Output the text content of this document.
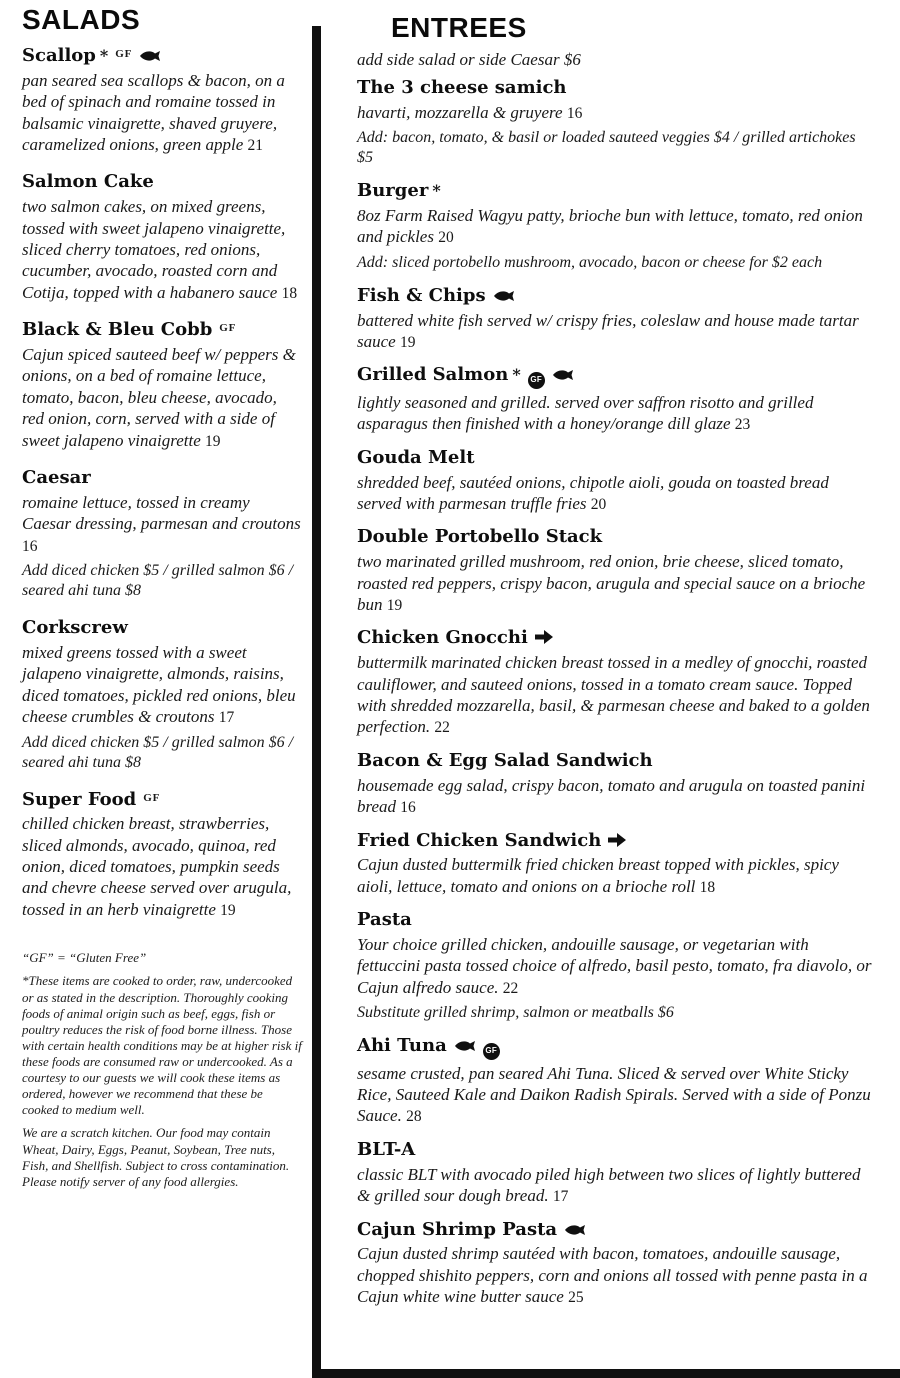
SALADS
Scallop * $^{GF}$

pan seared sea scallops & bacon, on a bed of spinach and romaine tossed in balsamic vinaigrette, shaved gruyere, caramelized onions, green apple 21

Salmon Cake

two salmon cakes, on mixed greens, tossed with sweet jalapeno vinaigrette, sliced cherry tomatoes, red onions, cucumber, avocado, roasted corn and Cotija, topped with a habanero sauce 18

Black & Bleu Cobb $^{GF}$

Cajun spiced sauteed beef w/ peppers & onions, on a bed of romaine lettuce, tomato, bacon, bleu cheese, avocado, red onion, corn, served with a side of sweet jalapeno vinaigrette 19

Caesar

romaine lettuce, tossed in creamy Caesar dressing, parmesan and croutons 16

Add diced chicken $5 / grilled salmon $6 / seared ahi tuna $8

Corkscrew

mixed greens tossed with a sweet jalapeno vinaigrette, almonds, raisins, diced tomatoes, pickled red onions, bleu cheese crumbles & croutons 17

Add diced chicken $5 / grilled salmon $6 / seared ahi tuna $8

Super Food $^{GF}$

chilled chicken breast, strawberries, sliced almonds, avocado, quinoa, red onion, diced tomatoes, pumpkin seeds and chevre cheese served over arugula, tossed in an herb vinaigrette 19

“GF” = “Gluten Free”

*These items are cooked to order, raw, undercooked or as stated in the description. Thoroughly cooking foods of animal origin such as beef, eggs, fish or poultry reduces the risk of food borne illness. Those with certain health conditions may be at higher risk if these foods are consumed raw or undercooked. As a courtesy to our guests we will cook these items as ordered, however we recommend that these be cooked to medium well.

We are a scratch kitchen. Our food may contain Wheat, Dairy, Eggs, Peanut, Soybean, Tree nuts, Fish, and Shellfish. Subject to cross contamination. Please notify server of any food allergies.

ENTREES

add side salad or side Caesar $6

The 3 cheese samich

havarti, mozzarella & gruyere 16

Add: bacon, tomato, & basil or loaded sauteed veggies $4 / grilled artichokes $5

Burger *

8oz Farm Raised Wagyu patty, brioche bun with lettuce, tomato, red onion and pickles 20

Add: sliced portobello mushroom, avocado, bacon or cheese for $2 each

Fish & Chips

battered white fish served w/ crispy fries, coleslaw and house made tartar sauce 19

Grilled Salmon * GF

lightly seasoned and grilled. served over saffron risotto and grilled asparagus then finished with a honey/orange dill glaze 23

Gouda Melt

shredded beef, sautéed onions, chipotle aioli, gouda on toasted bread served with parmesan truffle fries 20

Double Portobello Stack

two marinated grilled mushroom, red onion, brie cheese, sliced tomato, roasted red peppers, crispy bacon, arugula and special sauce on a brioche bun 19

Chicken Gnocchi

buttermilk marinated chicken breast tossed in a medley of gnocchi, roasted cauliflower, and sauteed onions, tossed in a tomato cream sauce. Topped with shredded mozzarella, basil, & parmesan cheese and baked to a golden perfection. 22

Bacon & Egg Salad Sandwich

housemade egg salad, crispy bacon, tomato and arugula on toasted panini bread 16

Fried Chicken Sandwich

Cajun dusted buttermilk fried chicken breast topped with pickles, spicy aioli, lettuce, tomato and onions on a brioche roll 18

Pasta

Your choice grilled chicken, andouille sausage, or vegetarian with fettuccini pasta tossed choice of alfredo, basil pesto, tomato, fra diavolo, or Cajun alfredo sauce. 22

Substitute grilled shrimp, salmon or meatballs $6

Ahi Tuna	GF

sesame crusted, pan seared Ahi Tuna. Sliced & served over White Sticky Rice, Sauteed Kale and Daikon Radish Spirals. Served with a side of Ponzu Sauce. 28

BLT-A

classic BLT with avocado piled high between two slices of lightly buttered & grilled sour dough bread. 17

Cajun Shrimp Pasta

Cajun dusted shrimp sautéed with bacon, tomatoes, andouille sausage, chopped shishito peppers, corn and onions all tossed with penne pasta in a Cajun white wine butter sauce 25
